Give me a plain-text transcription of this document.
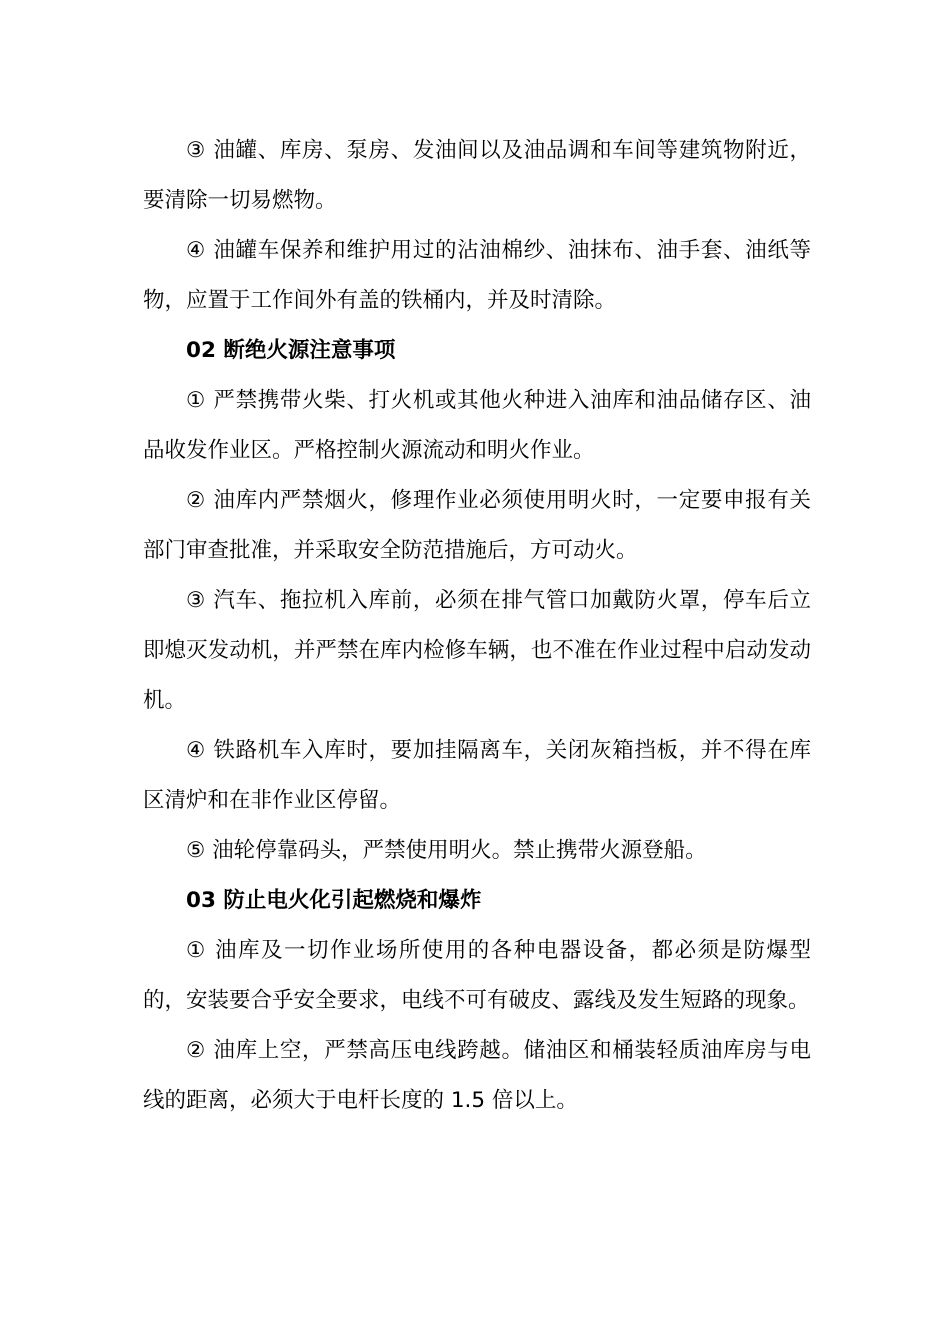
③ 油罐、库房、泵房、发油间以及油品调和车间等建筑物附近，要清除一切易燃物。

④ 油罐车保养和维护用过的沾油棉纱、油抹布、油手套、油纸等物，应置于工作间外有盖的铁桶内，并及时清除。

02 断绝火源注意事项

① 严禁携带火柴、打火机或其他火种进入油库和油品储存区、油品收发作业区。严格控制火源流动和明火作业。

② 油库内严禁烟火，修理作业必须使用明火时，一定要申报有关部门审查批准，并采取安全防范措施后，方可动火。

③ 汽车、拖拉机入库前，必须在排气管口加戴防火罩，停车后立即熄灭发动机，并严禁在库内检修车辆，也不准在作业过程中启动发动机。

④ 铁路机车入库时，要加挂隔离车，关闭灰箱挡板，并不得在库区清炉和在非作业区停留。

⑤ 油轮停靠码头，严禁使用明火。禁止携带火源登船。

03 防止电火化引起燃烧和爆炸

① 油库及一切作业场所使用的各种电器设备，都必须是防爆型的，安装要合乎安全要求，电线不可有破皮、露线及发生短路的现象。

② 油库上空，严禁高压电线跨越。储油区和桶装轻质油库房与电线的距离，必须大于电杆长度的 1.5 倍以上。
